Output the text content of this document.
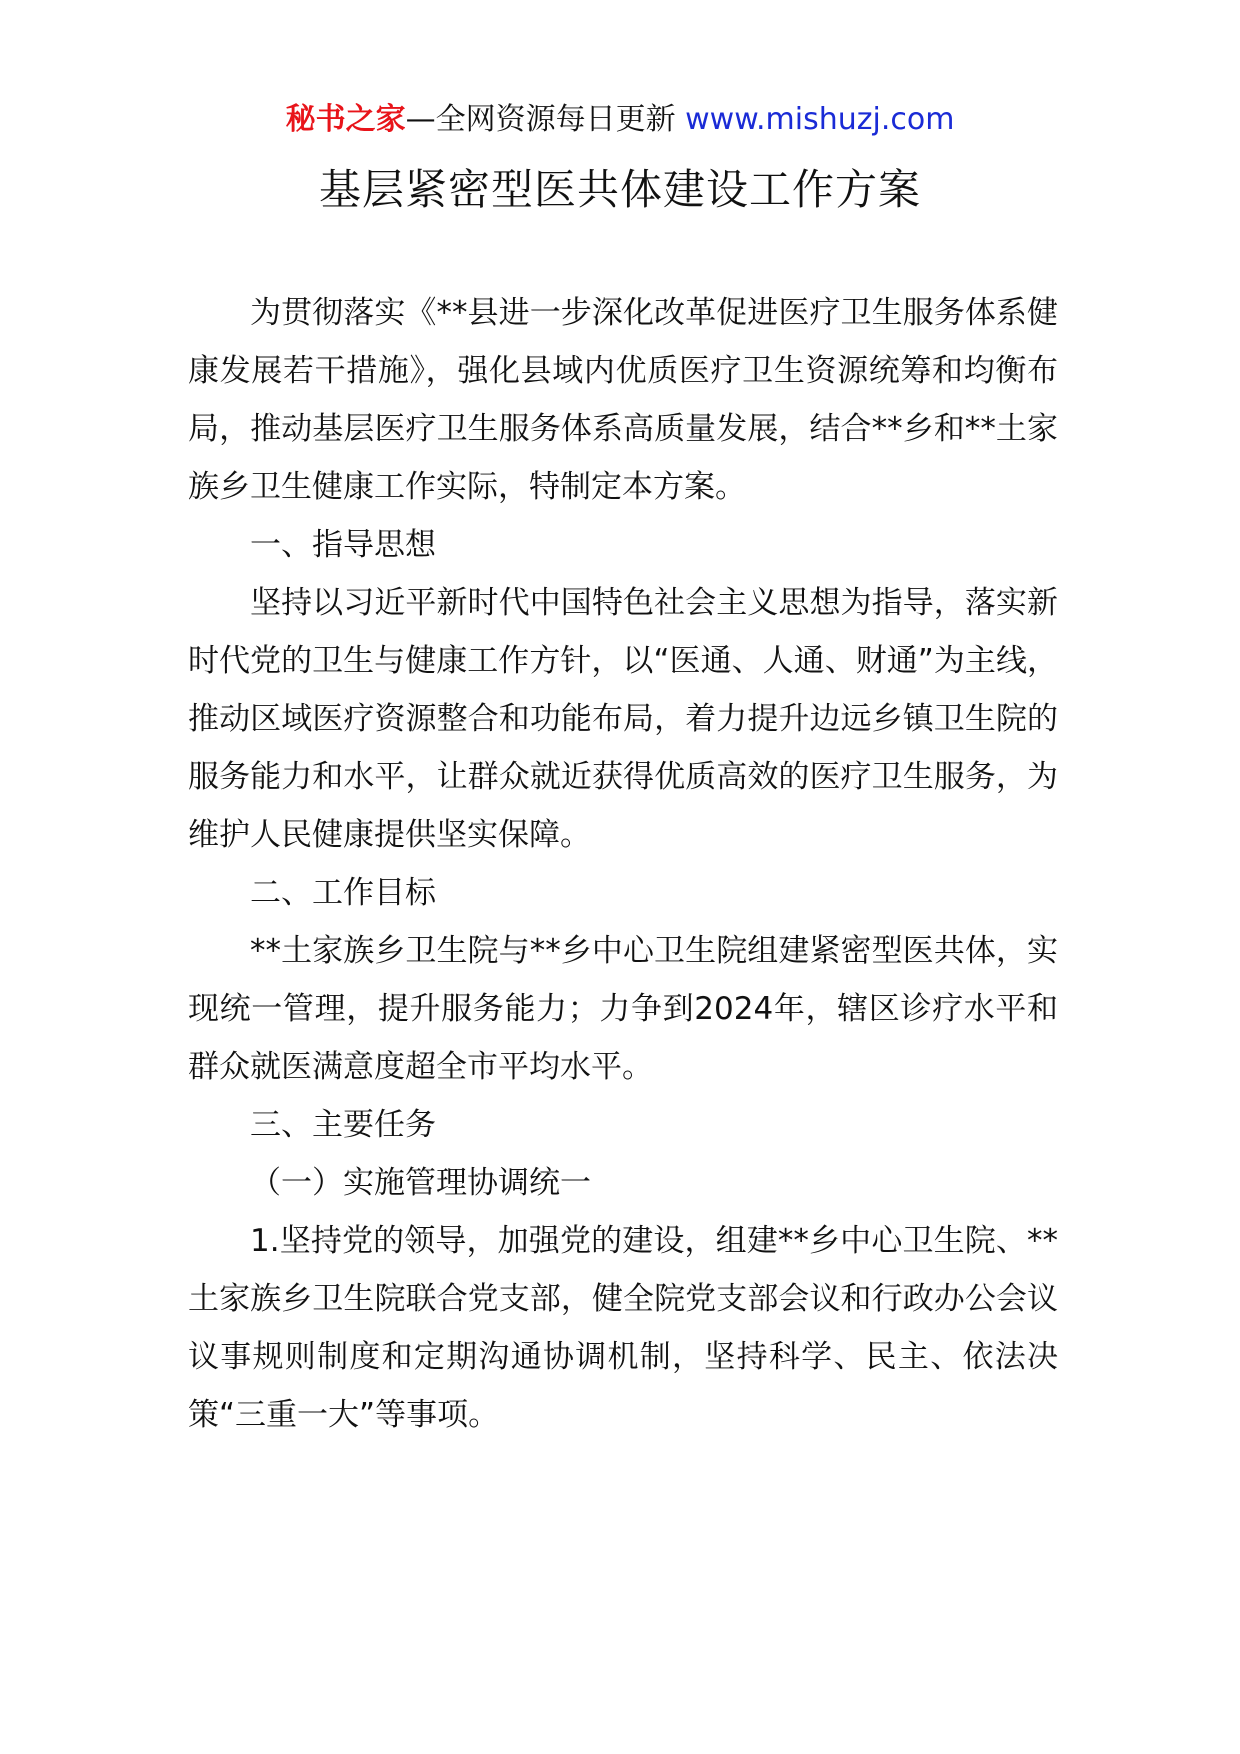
秘书之家—全网资源每日更新 www.mishuzj.com
基层紧密型医共体建设工作方案

为贯彻落实《**县进一步深化改革促进医疗卫生服务体系健康发展若干措施》，强化县域内优质医疗卫生资源统筹和均衡布局，推动基层医疗卫生服务体系高质量发展，结合**乡和**土家族乡卫生健康工作实际，特制定本方案。

一、指导思想

坚持以习近平新时代中国特色社会主义思想为指导，落实新时代党的卫生与健康工作方针，以“医通、人通、财通”为主线，推动区域医疗资源整合和功能布局，着力提升边远乡镇卫生院的服务能力和水平，让群众就近获得优质高效的医疗卫生服务，为维护人民健康提供坚实保障。

二、工作目标

**土家族乡卫生院与**乡中心卫生院组建紧密型医共体，实现统一管理，提升服务能力；力争到2024年，辖区诊疗水平和群众就医满意度超全市平均水平。

三、主要任务

（一）实施管理协调统一

1.坚持党的领导，加强党的建设，组建**乡中心卫生院、**土家族乡卫生院联合党支部，健全院党支部会议和行政办公会议议事规则制度和定期沟通协调机制，坚持科学、民主、依法决策“三重一大”等事项。
